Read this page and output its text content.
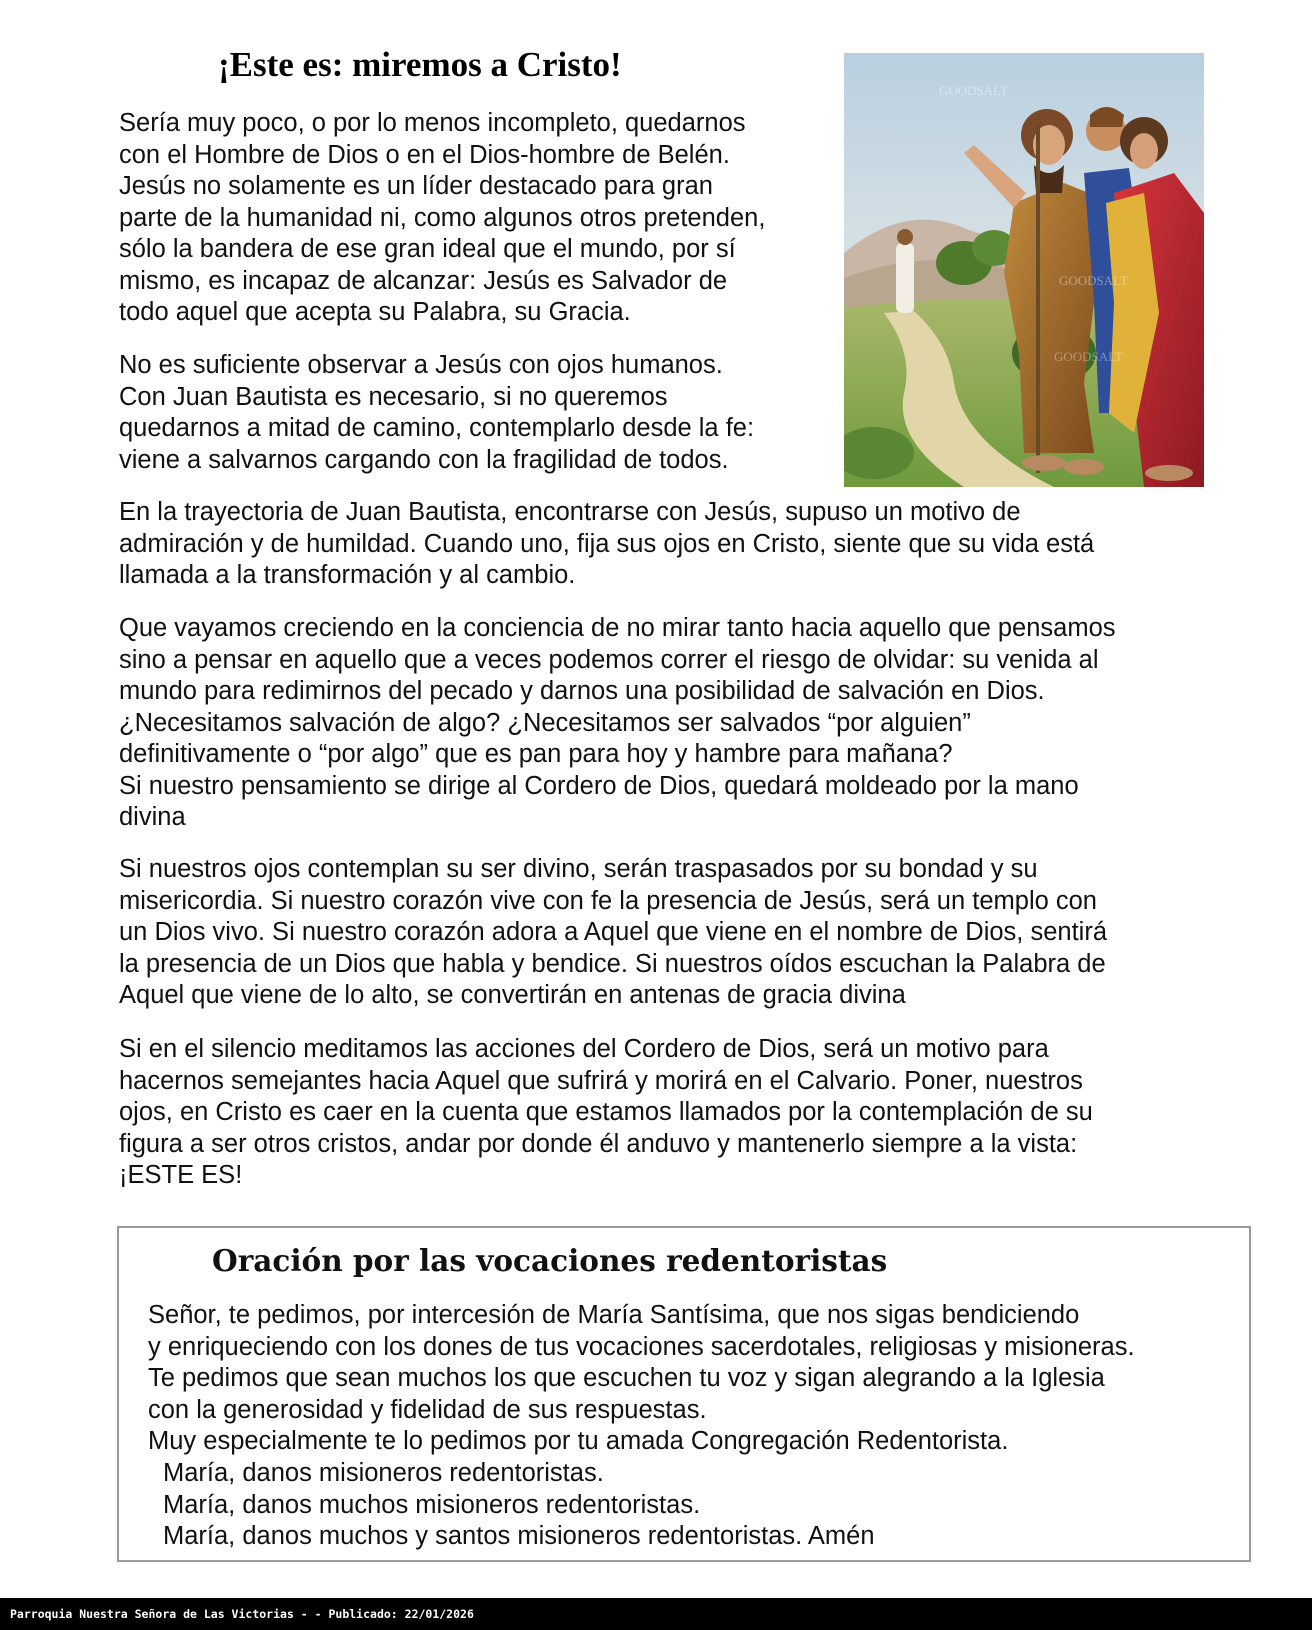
¡Este es: miremos a Cristo!

Sería muy poco, o por lo menos incompleto, quedarnos
con el Hombre de Dios o en el Dios-hombre de Belén.
Jesús no solamente es un líder destacado para gran
parte de la humanidad ni, como algunos otros pretenden,
sólo la bandera de ese gran ideal que el mundo, por sí
mismo, es incapaz de alcanzar: Jesús es Salvador de
todo aquel que acepta su Palabra, su Gracia.

No es suficiente observar a Jesús con ojos humanos.
Con Juan Bautista es necesario, si no queremos
quedarnos a mitad de camino, contemplarlo desde la fe:
viene a salvarnos cargando con la fragilidad de todos.

En la trayectoria de Juan Bautista, encontrarse con Jesús, supuso un motivo de
admiración y de humildad. Cuando uno, fija sus ojos en Cristo, siente que su vida está
llamada a la transformación y al cambio.

Que vayamos creciendo en la conciencia de no mirar tanto hacia aquello que pensamos
sino a pensar en aquello que a veces podemos correr el riesgo de olvidar: su venida al
mundo para redimirnos del pecado y darnos una posibilidad de salvación en Dios.
¿Necesitamos salvación de algo? ¿Necesitamos ser salvados “por alguien”
definitivamente o “por algo” que es pan para hoy y hambre para mañana?
Si nuestro pensamiento se dirige al Cordero de Dios, quedará moldeado por la mano
divina

Si nuestros ojos contemplan su ser divino, serán traspasados por su bondad y su
misericordia. Si nuestro corazón vive con fe la presencia de Jesús, será un templo con
un Dios vivo. Si nuestro corazón adora a Aquel que viene en el nombre de Dios, sentirá
la presencia de un Dios que habla y bendice. Si nuestros oídos escuchan la Palabra de
Aquel que viene de lo alto, se convertirán en antenas de gracia divina

Si en el silencio meditamos las acciones del Cordero de Dios, será un motivo para
hacernos semejantes hacia Aquel que sufrirá y morirá en el Calvario. Poner, nuestros
ojos, en Cristo es caer en la cuenta que estamos llamados por la contemplación de su
figura a ser otros cristos, andar por donde él anduvo y mantenerlo siempre a la vista:
¡ESTE ES!

GOODSALT
GOODSALT
GOODSALT
Oración por las vocaciones redentoristas
Señor, te pedimos, por intercesión de María Santísima, que nos sigas bendiciendo
y enriqueciendo con los dones de tus vocaciones sacerdotales, religiosas y misioneras.
Te pedimos que sean muchos los que escuchen tu voz y sigan alegrando a la Iglesia
con la generosidad y fidelidad de sus respuestas.
Muy especialmente te lo pedimos por tu amada Congregación Redentorista.
María, danos misioneros redentoristas.
María, danos muchos misioneros redentoristas.
María, danos muchos y santos misioneros redentoristas. Amén
Parroquia Nuestra Señora de Las Victorias - - Publicado: 22/01/2026
